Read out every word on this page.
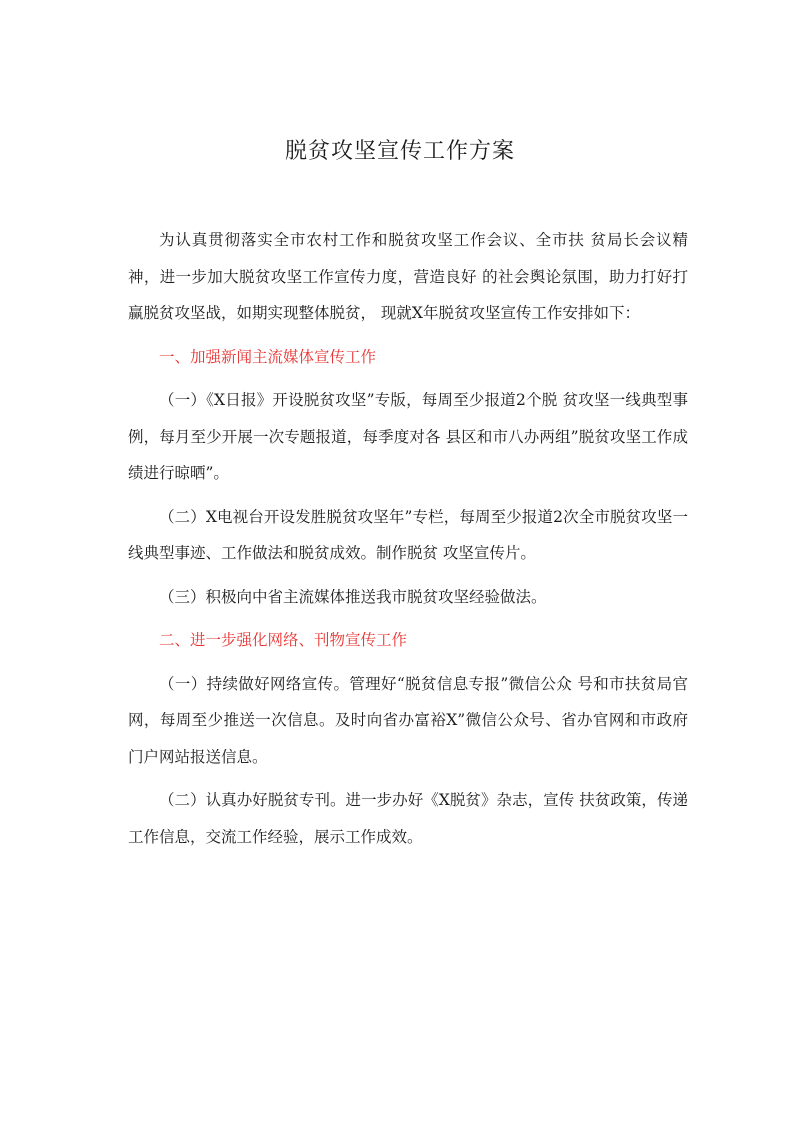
脱贫攻坚宣传工作方案

为认真贯彻落实全市农村工作和脱贫攻坚工作会议、全市扶 贫局长会议精神，进一步加大脱贫攻坚工作宣传力度，营造良好 的社会舆论氛围，助力打好打赢脱贫攻坚战，如期实现整体脱贫， 现就X年脱贫攻坚宣传工作安排如下：

一、加强新闻主流媒体宣传工作

（一）《X日报》开设脱贫攻坚”专版，每周至少报道2个脱 贫攻坚一线典型事例，每月至少开展一次专题报道，每季度对各 县区和市八办两组”脱贫攻坚工作成绩进行晾晒”。

（二）X电视台开设发胜脱贫攻坚年”专栏，每周至少报道2次全市脱贫攻坚一线典型事迹、工作做法和脱贫成效。制作脱贫 攻坚宣传片。

（三）积极向中省主流媒体推送我市脱贫攻坚经验做法。

二、进一步强化网络、刊物宣传工作

（一）持续做好网络宣传。管理好“脱贫信息专报”微信公众 号和市扶贫局官网，每周至少推送一次信息。及时向省办富裕X”微信公众号、省办官网和市政府门户网站报送信息。

（二）认真办好脱贫专刊。进一步办好《X脱贫》杂志，宣传 扶贫政策，传递工作信息，交流工作经验，展示工作成效。
